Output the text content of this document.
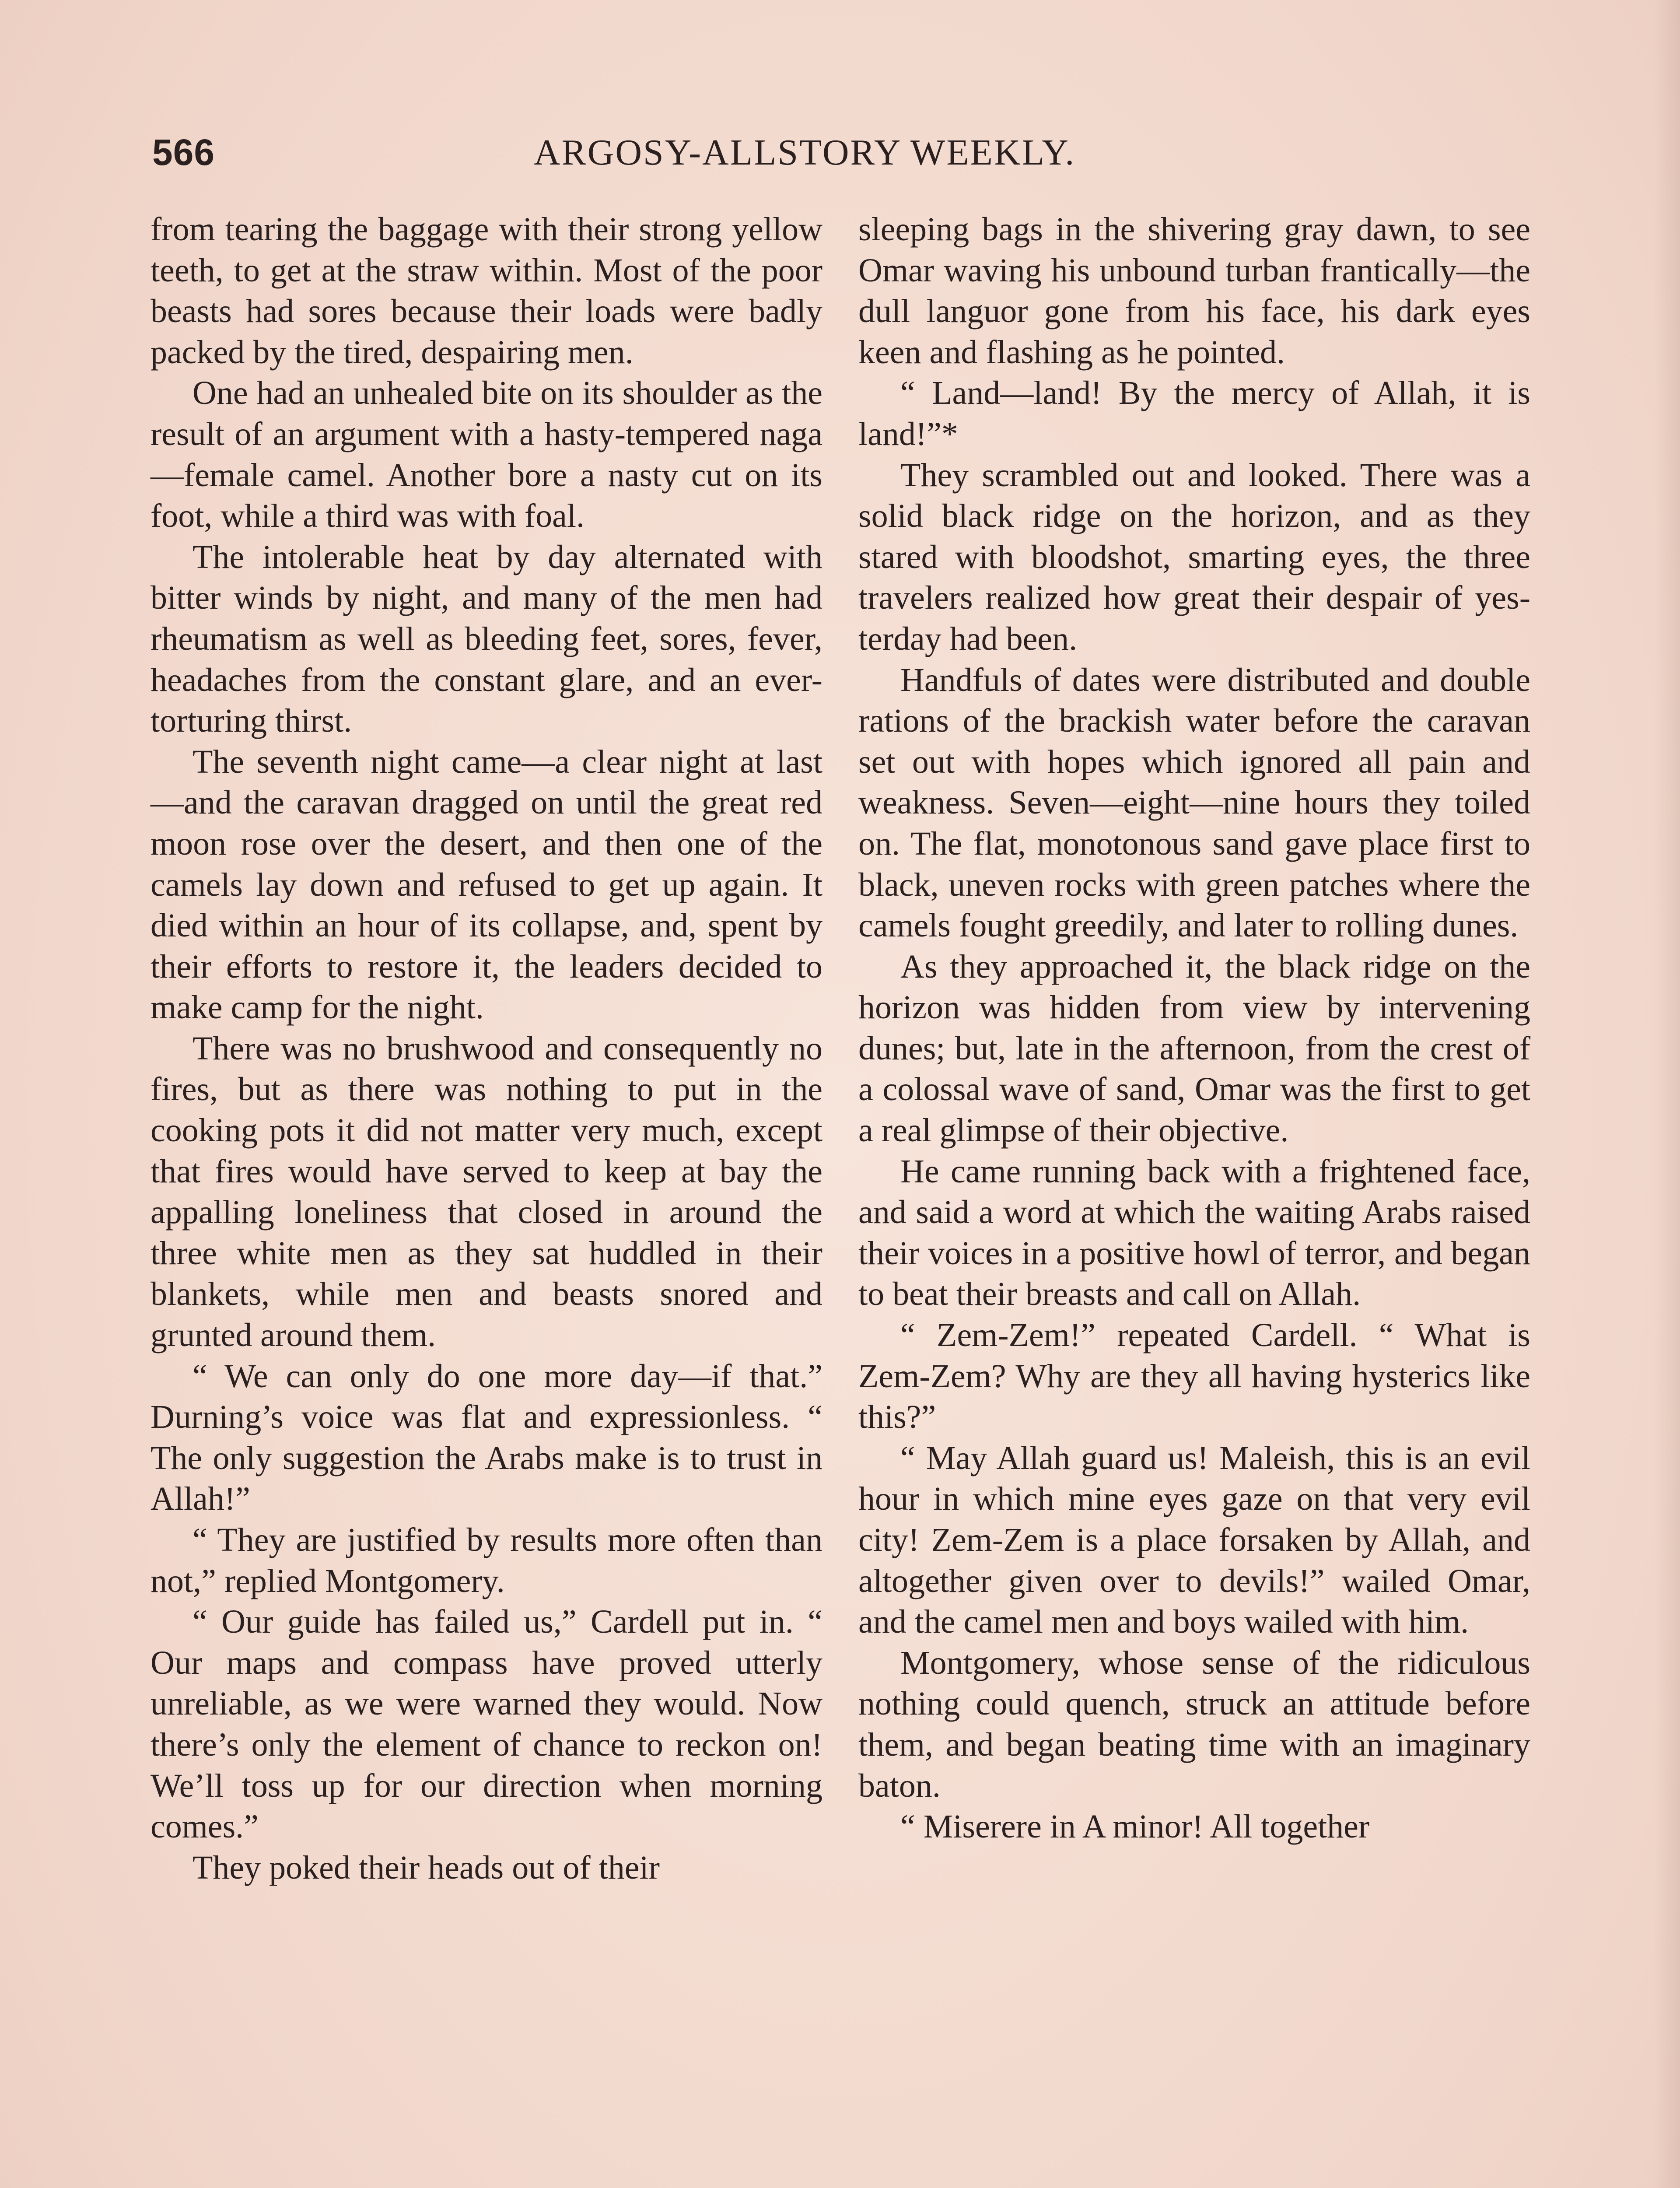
566	ARGOSY-ALLSTORY WEEKLY.

from tearing the baggage with their strong yellow teeth, to get at the straw within. Most of the poor beasts had sores because their loads were badly packed by the tired, despairing men.

One had an unhealed bite on its shoulder as the result of an argument with a hasty-tempered naga—female camel. Another bore a nasty cut on its foot, while a third was with foal.

The intolerable heat by day alternated with bitter winds by night, and many of the men had rheumatism as well as bleeding feet, sores, fever, headaches from the constant glare, and an ever-torturing thirst.

The seventh night came—a clear night at last—and the caravan dragged on until the great red moon rose over the desert, and then one of the camels lay down and refused to get up again. It died within an hour of its collapse, and, spent by their efforts to restore it, the leaders decided to make camp for the night.

There was no brushwood and consequently no fires, but as there was nothing to put in the cooking pots it did not matter very much, except that fires would have served to keep at bay the appalling loneliness that closed in around the three white men as they sat huddled in their blankets, while men and beasts snored and grunted around them.

“ We can only do one more day—if that.” Durning’s voice was flat and expressionless. “ The only suggestion the Arabs make is to trust in Allah!”

“ They are justified by results more often than not,” replied Montgomery.

“ Our guide has failed us,” Cardell put in. “ Our maps and compass have proved utterly unreliable, as we were warned they would. Now there’s only the element of chance to reckon on! We’ll toss up for our direction when morning comes.”

They poked their heads out of their

sleeping bags in the shivering gray dawn, to see Omar waving his unbound turban frantically—the dull languor gone from his face, his dark eyes keen and flashing as he pointed.

“ Land—land! By the mercy of Allah, it is land!”*

They scrambled out and looked. There was a solid black ridge on the horizon, and as they stared with bloodshot, smarting eyes, the three travelers realized how great their despair of yesterday had been.

Handfuls of dates were distributed and double rations of the brackish water before the caravan set out with hopes which ignored all pain and weakness. Seven—eight—nine hours they toiled on. The flat, monotonous sand gave place first to black, uneven rocks with green patches where the camels fought greedily, and later to rolling dunes.

As they approached it, the black ridge on the horizon was hidden from view by intervening dunes; but, late in the afternoon, from the crest of a colossal wave of sand, Omar was the first to get a real glimpse of their objective.

He came running back with a frightened face, and said a word at which the waiting Arabs raised their voices in a positive howl of terror, and began to beat their breasts and call on Allah.

“ Zem-Zem!” repeated Cardell. “ What is Zem-Zem? Why are they all having hysterics like this?”

“ May Allah guard us! Maleish, this is an evil hour in which mine eyes gaze on that very evil city! Zem-Zem is a place forsaken by Allah, and altogether given over to devils!” wailed Omar, and the camel men and boys wailed with him.

Montgomery, whose sense of the ridiculous nothing could quench, struck an attitude before them, and began beating time with an imaginary baton.

“ Miserere in A minor! All together
